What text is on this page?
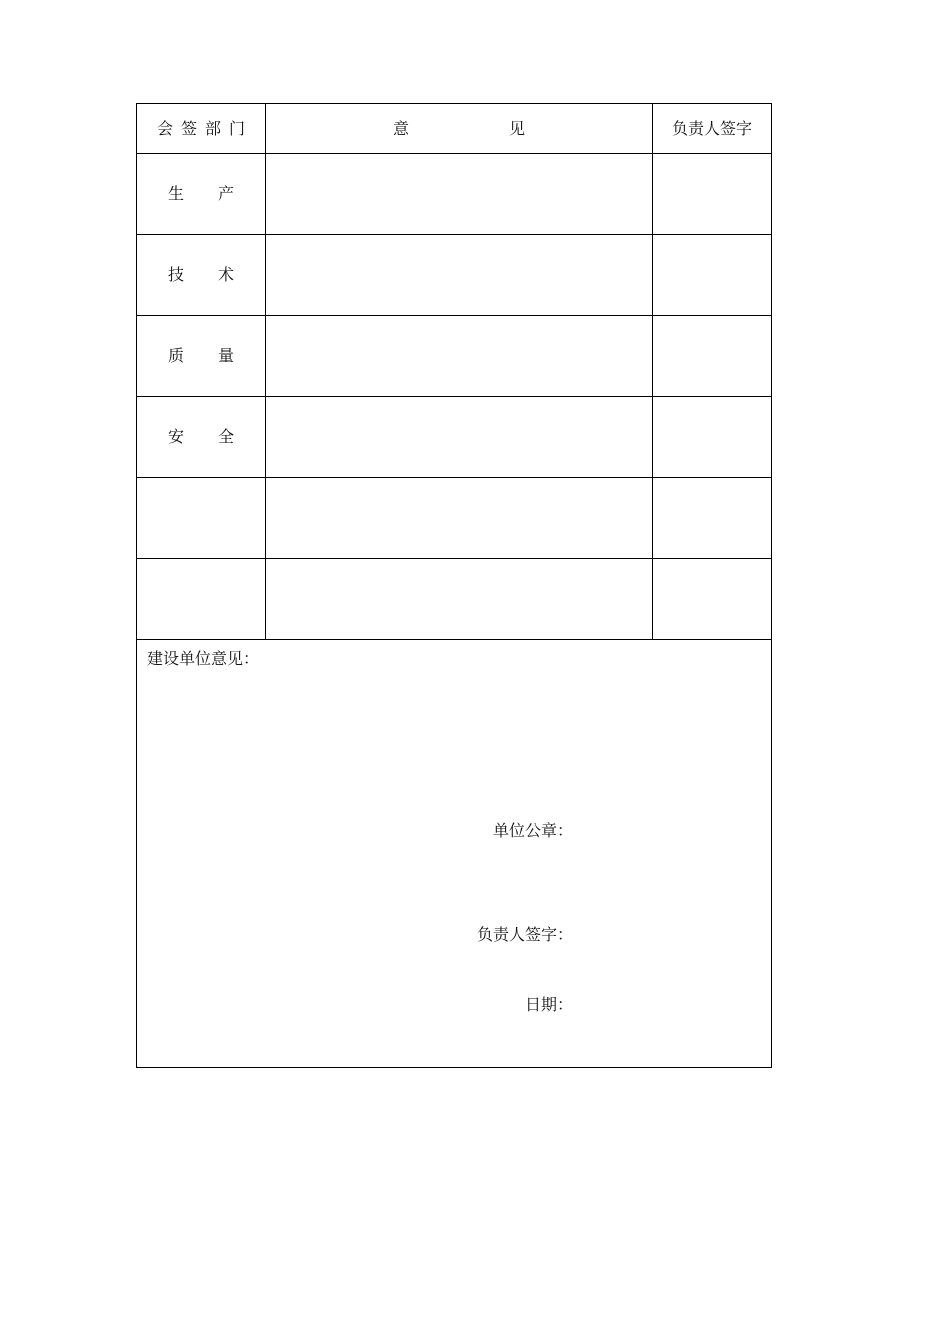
会签部门	意 见	负责人签字

生 产		

技 术		

质 量		

安 全		

建设单位意见：
单位公章：
负责人签字：
日期：		
